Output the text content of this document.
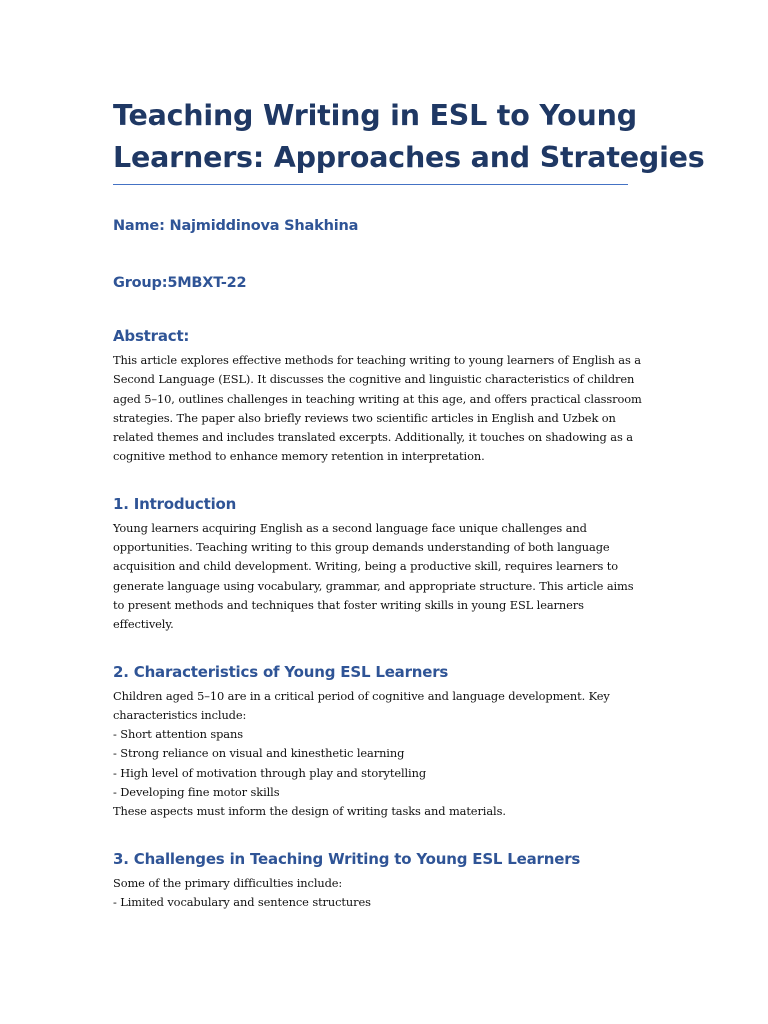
Teaching Writing in ESL to Young
Learners: Approaches and Strategies

Name: Najmiddinova Shakhina

Group:5MBXT-22

Abstract:

This article explores effective methods for teaching writing to young learners of English as a
Second Language (ESL). It discusses the cognitive and linguistic characteristics of children
aged 5–10, outlines challenges in teaching writing at this age, and offers practical classroom
strategies. The paper also briefly reviews two scientific articles in English and Uzbek on
related themes and includes translated excerpts. Additionally, it touches on shadowing as a
cognitive method to enhance memory retention in interpretation.

1. Introduction

Young learners acquiring English as a second language face unique challenges and
opportunities. Teaching writing to this group demands understanding of both language
acquisition and child development. Writing, being a productive skill, requires learners to
generate language using vocabulary, grammar, and appropriate structure. This article aims
to present methods and techniques that foster writing skills in young ESL learners
effectively.

2. Characteristics of Young ESL Learners

Children aged 5–10 are in a critical period of cognitive and language development. Key
characteristics include:
- Short attention spans
- Strong reliance on visual and kinesthetic learning
- High level of motivation through play and storytelling
- Developing fine motor skills
These aspects must inform the design of writing tasks and materials.

3. Challenges in Teaching Writing to Young ESL Learners

Some of the primary difficulties include:
- Limited vocabulary and sentence structures
